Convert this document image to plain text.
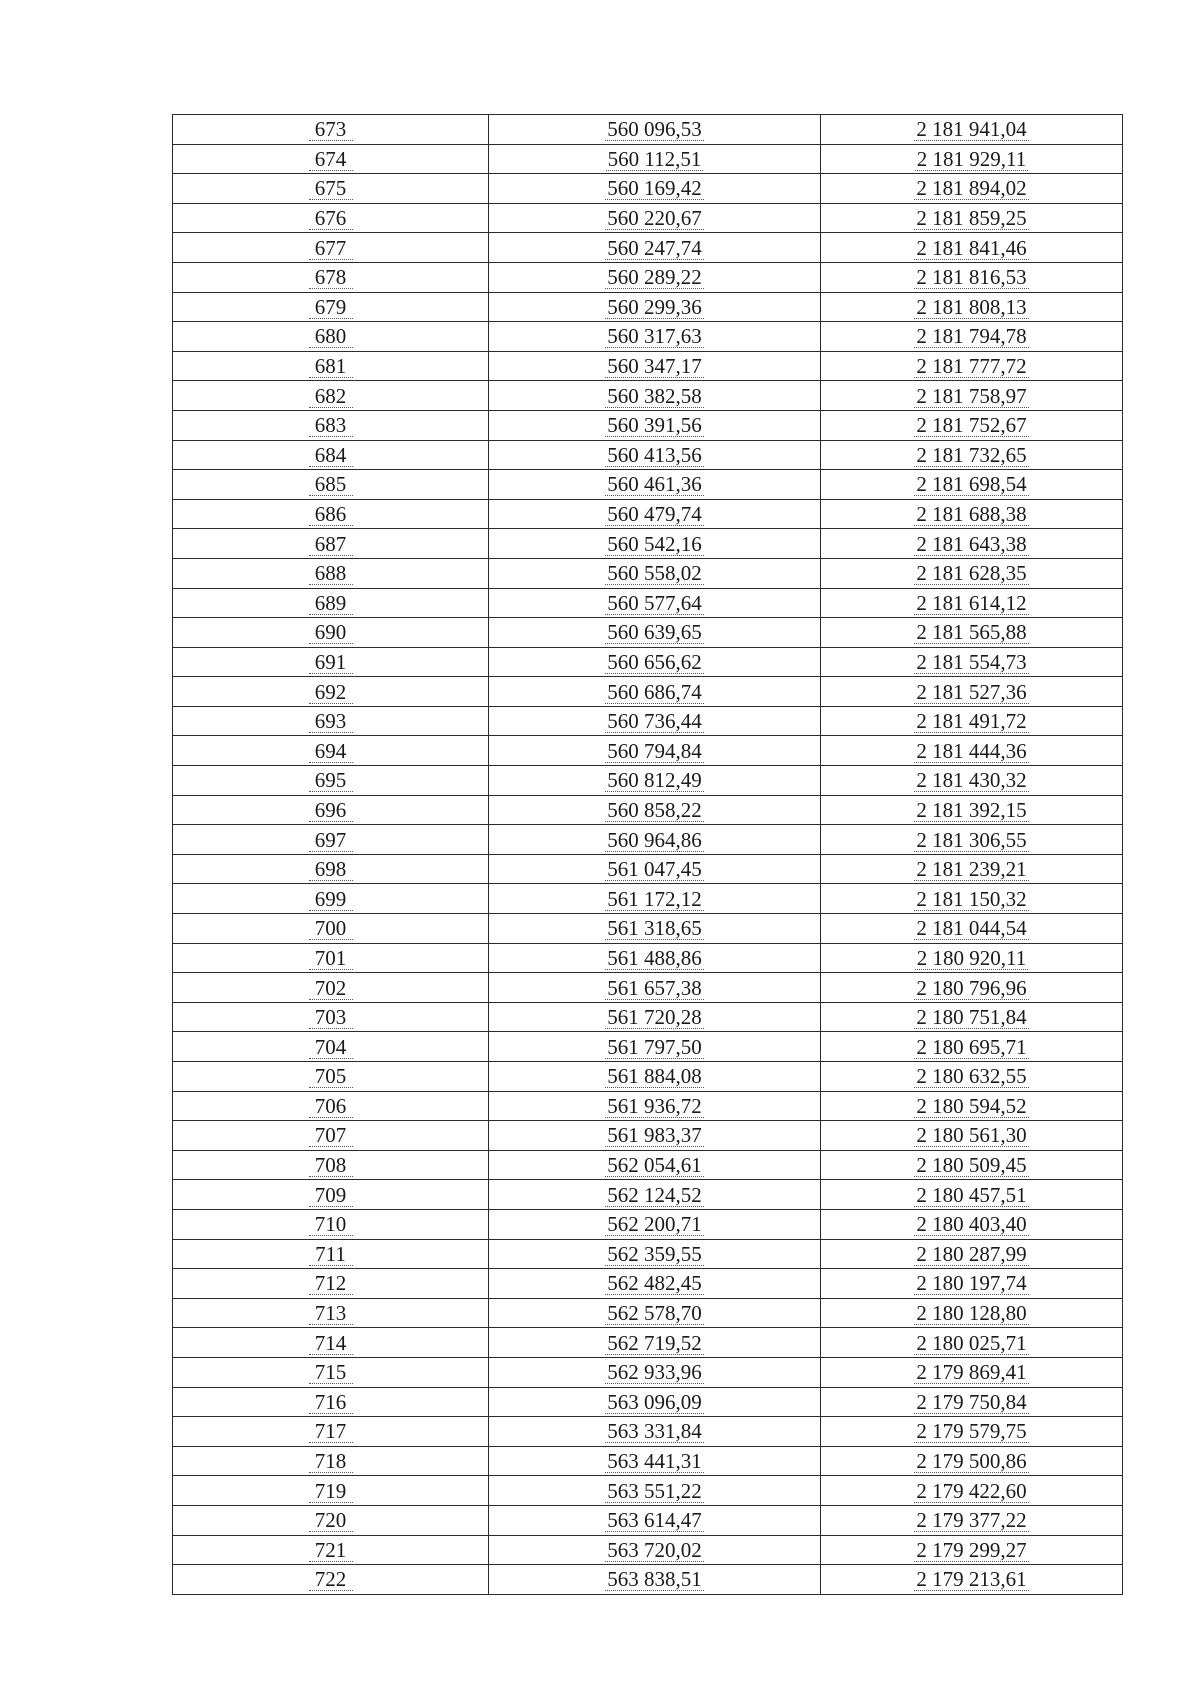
673	560 096,53	2 181 941,04
674	560 112,51	2 181 929,11
675	560 169,42	2 181 894,02
676	560 220,67	2 181 859,25
677	560 247,74	2 181 841,46
678	560 289,22	2 181 816,53
679	560 299,36	2 181 808,13
680	560 317,63	2 181 794,78
681	560 347,17	2 181 777,72
682	560 382,58	2 181 758,97
683	560 391,56	2 181 752,67
684	560 413,56	2 181 732,65
685	560 461,36	2 181 698,54
686	560 479,74	2 181 688,38
687	560 542,16	2 181 643,38
688	560 558,02	2 181 628,35
689	560 577,64	2 181 614,12
690	560 639,65	2 181 565,88
691	560 656,62	2 181 554,73
692	560 686,74	2 181 527,36
693	560 736,44	2 181 491,72
694	560 794,84	2 181 444,36
695	560 812,49	2 181 430,32
696	560 858,22	2 181 392,15
697	560 964,86	2 181 306,55
698	561 047,45	2 181 239,21
699	561 172,12	2 181 150,32
700	561 318,65	2 181 044,54
701	561 488,86	2 180 920,11
702	561 657,38	2 180 796,96
703	561 720,28	2 180 751,84
704	561 797,50	2 180 695,71
705	561 884,08	2 180 632,55
706	561 936,72	2 180 594,52
707	561 983,37	2 180 561,30
708	562 054,61	2 180 509,45
709	562 124,52	2 180 457,51
710	562 200,71	2 180 403,40
711	562 359,55	2 180 287,99
712	562 482,45	2 180 197,74
713	562 578,70	2 180 128,80
714	562 719,52	2 180 025,71
715	562 933,96	2 179 869,41
716	563 096,09	2 179 750,84
717	563 331,84	2 179 579,75
718	563 441,31	2 179 500,86
719	563 551,22	2 179 422,60
720	563 614,47	2 179 377,22
721	563 720,02	2 179 299,27
722	563 838,51	2 179 213,61
